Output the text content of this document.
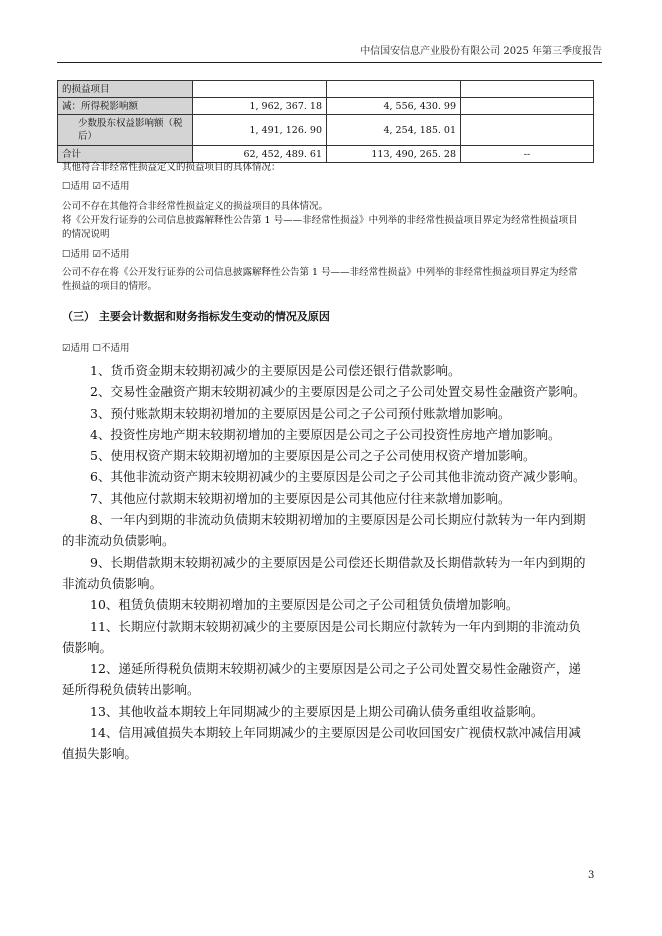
中信国安信息产业股份有限公司 2025 年第三季度报告
的损益项目			
减：所得税影响额	1, 962, 367. 18	4, 556, 430. 99	
少数股东权益影响额（税后）	1, 491, 126. 90	4, 254, 185. 01	
合计	62, 452, 489. 61	113, 490, 265. 28	--
其他符合非经常性损益定义的损益项目的具体情况：
☐适用 ☑不适用
公司不存在其他符合非经常性损益定义的损益项目的具体情况。
将《公开发行证券的公司信息披露解释性公告第 1 号——非经常性损益》中列举的非经常性损益项目界定为经常性损益项目的情况说明
☐适用 ☑不适用
公司不存在将《公开发行证券的公司信息披露解释性公告第 1 号——非经常性损益》中列举的非经常性损益项目界定为经常性损益的项目的情形。
（三） 主要会计数据和财务指标发生变动的情况及原因
☑适用 ☐不适用

1、货币资金期末较期初减少的主要原因是公司偿还银行借款影响。

2、交易性金融资产期末较期初减少的主要原因是公司之子公司处置交易性金融资产影响。

3、预付账款期末较期初增加的主要原因是公司之子公司预付账款增加影响。

4、投资性房地产期末较期初增加的主要原因是公司之子公司投资性房地产增加影响。

5、使用权资产期末较期初增加的主要原因是公司之子公司使用权资产增加影响。

6、其他非流动资产期末较期初减少的主要原因是公司之子公司其他非流动资产减少影响。

7、其他应付款期末较期初增加的主要原因是公司其他应付往来款增加影响。

8、一年内到期的非流动负债期末较期初增加的主要原因是公司长期应付款转为一年内到期的非流动负债影响。

9、长期借款期末较期初减少的主要原因是公司偿还长期借款及长期借款转为一年内到期的非流动负债影响。

10、租赁负债期末较期初增加的主要原因是公司之子公司租赁负债增加影响。

11、长期应付款期末较期初减少的主要原因是公司长期应付款转为一年内到期的非流动负债影响。

12、递延所得税负债期末较期初减少的主要原因是公司之子公司处置交易性金融资产，递延所得税负债转出影响。

13、其他收益本期较上年同期减少的主要原因是上期公司确认债务重组收益影响。

14、信用减值损失本期较上年同期减少的主要原因是公司收回国安广视债权款冲减信用减值损失影响。

3
